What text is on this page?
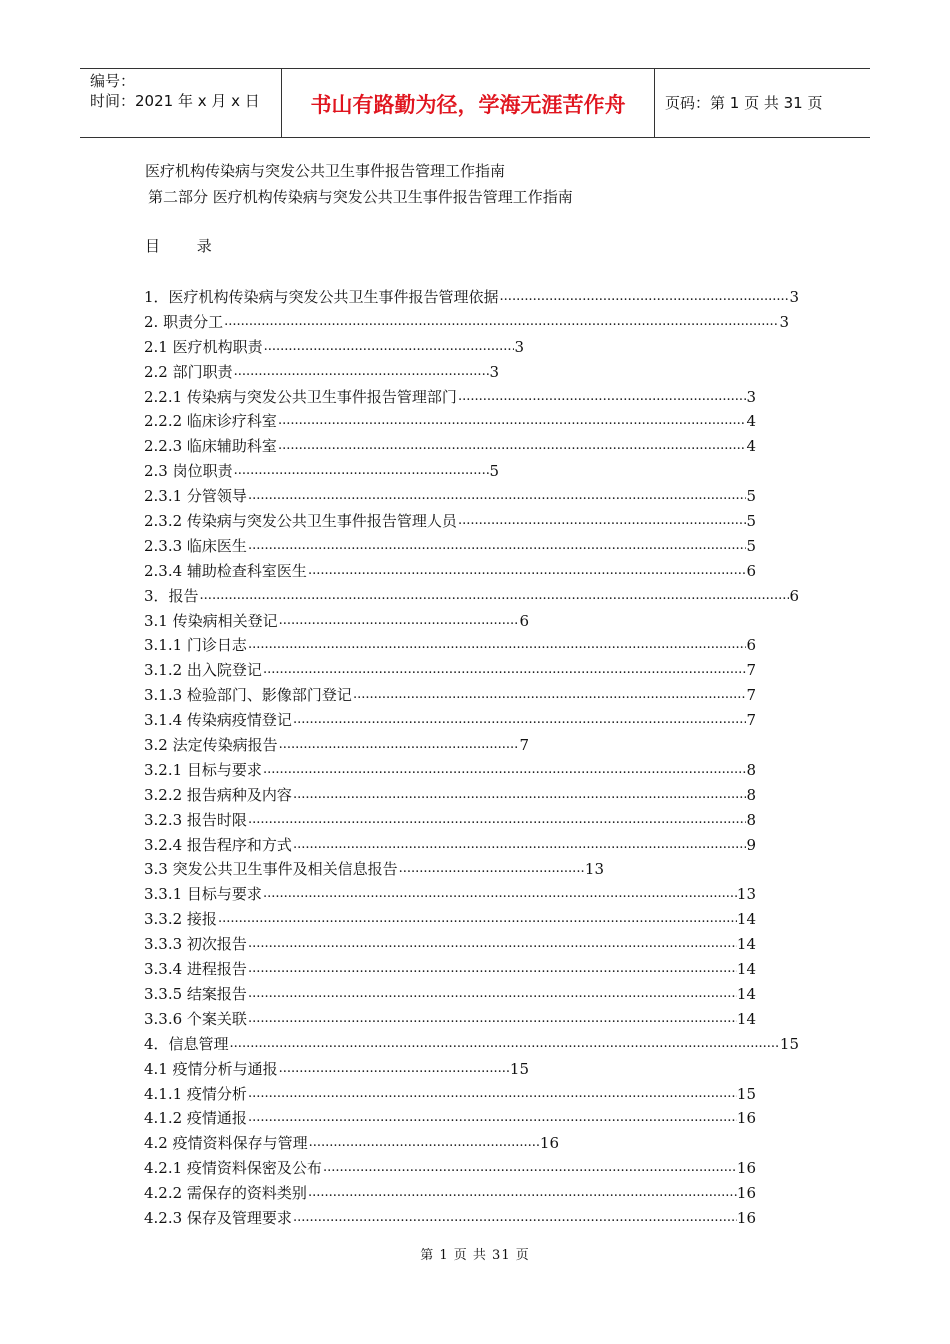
编号：
时间：2021 年 x 月 x 日	书山有路勤为径，学海无涯苦作舟	页码：第 1 页 共 31 页
医疗机构传染病与突发公共卫生事件报告管理工作指南
第二部分 医疗机构传染病与突发公共卫生事件报告管理工作指南
目 录
1．医疗机构传染病与突发公共卫生事件报告管理依据 .....	3
2. 职责分工 .....	3
2.1 医疗机构职责 .....	3
2.2 部门职责 .....	3
2.2.1 传染病与突发公共卫生事件报告管理部门 .....	3
2.2.2 临床诊疗科室 .....	4
2.2.3 临床辅助科室 .....	4
2.3 岗位职责 .....	5
2.3.1 分管领导 .....	5
2.3.2 传染病与突发公共卫生事件报告管理人员 .....	5
2.3.3 临床医生 .....	5
2.3.4 辅助检查科室医生 .....	6
3．报告 .....	6
3.1 传染病相关登记 .....	6
3.1.1 门诊日志 .....	6
3.1.2 出入院登记 .....	7
3.1.3 检验部门、影像部门登记 .....	7
3.1.4 传染病疫情登记 .....	7
3.2 法定传染病报告 .....	7
3.2.1 目标与要求 .....	8
3.2.2 报告病种及内容 .....	8
3.2.3 报告时限 .....	8
3.2.4 报告程序和方式 .....	9
3.3 突发公共卫生事件及相关信息报告 .....	13
3.3.1 目标与要求 .....	13
3.3.2 接报 .....	14
3.3.3 初次报告 .....	14
3.3.4 进程报告 .....	14
3.3.5 结案报告 .....	14
3.3.6 个案关联 .....	14
4．信息管理 .....	15
4.1 疫情分析与通报 .....	15
4.1.1 疫情分析 .....	15
4.1.2 疫情通报 .....	16
4.2 疫情资料保存与管理 .....	16
4.2.1 疫情资料保密及公布 .....	16
4.2.2 需保存的资料类别 .....	16
4.2.3 保存及管理要求 .....	16
第 1 页 共 31 页
